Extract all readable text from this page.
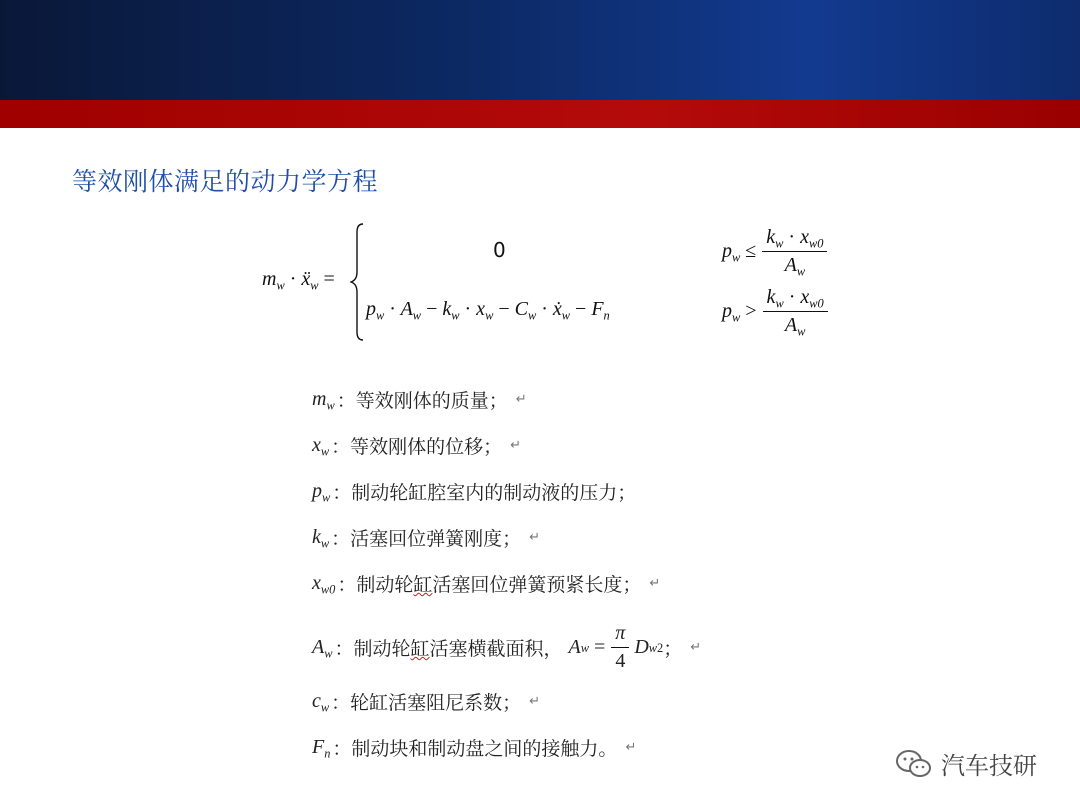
等效刚体满足的动力学方程
$m_w$ · ẍ$_w$ =
0
$p_w \cdot A_w - k_w \cdot x_w - C_w$ · ẋ$_w$ − $F_n$
$p_w \le \frac{k_w \cdot x_{w0}}{A_w}$
$p_w > \frac{k_w \cdot x_{w0}}{A_w}$
$m_w$ ：等效刚体的质量； ↵
$x_w$ ：等效刚体的位移； ↵
$p_w$ ：制动轮缸腔室内的制动液的压力；
$k_w$ ：活塞回位弹簧刚度； ↵
$x_{w0}$ ：制动轮 缸 活塞回位弹簧预紧长度； ↵
$A_w$ ：制动轮 缸 活塞横截面积， A w
= $\frac{\pi}{4}$ D w 2 ； ↵
$c_w$ ：轮缸活塞阻尼系数； ↵
$F_n$ ：制动块和制动盘之间的接触力。 ↵
汽车技研
